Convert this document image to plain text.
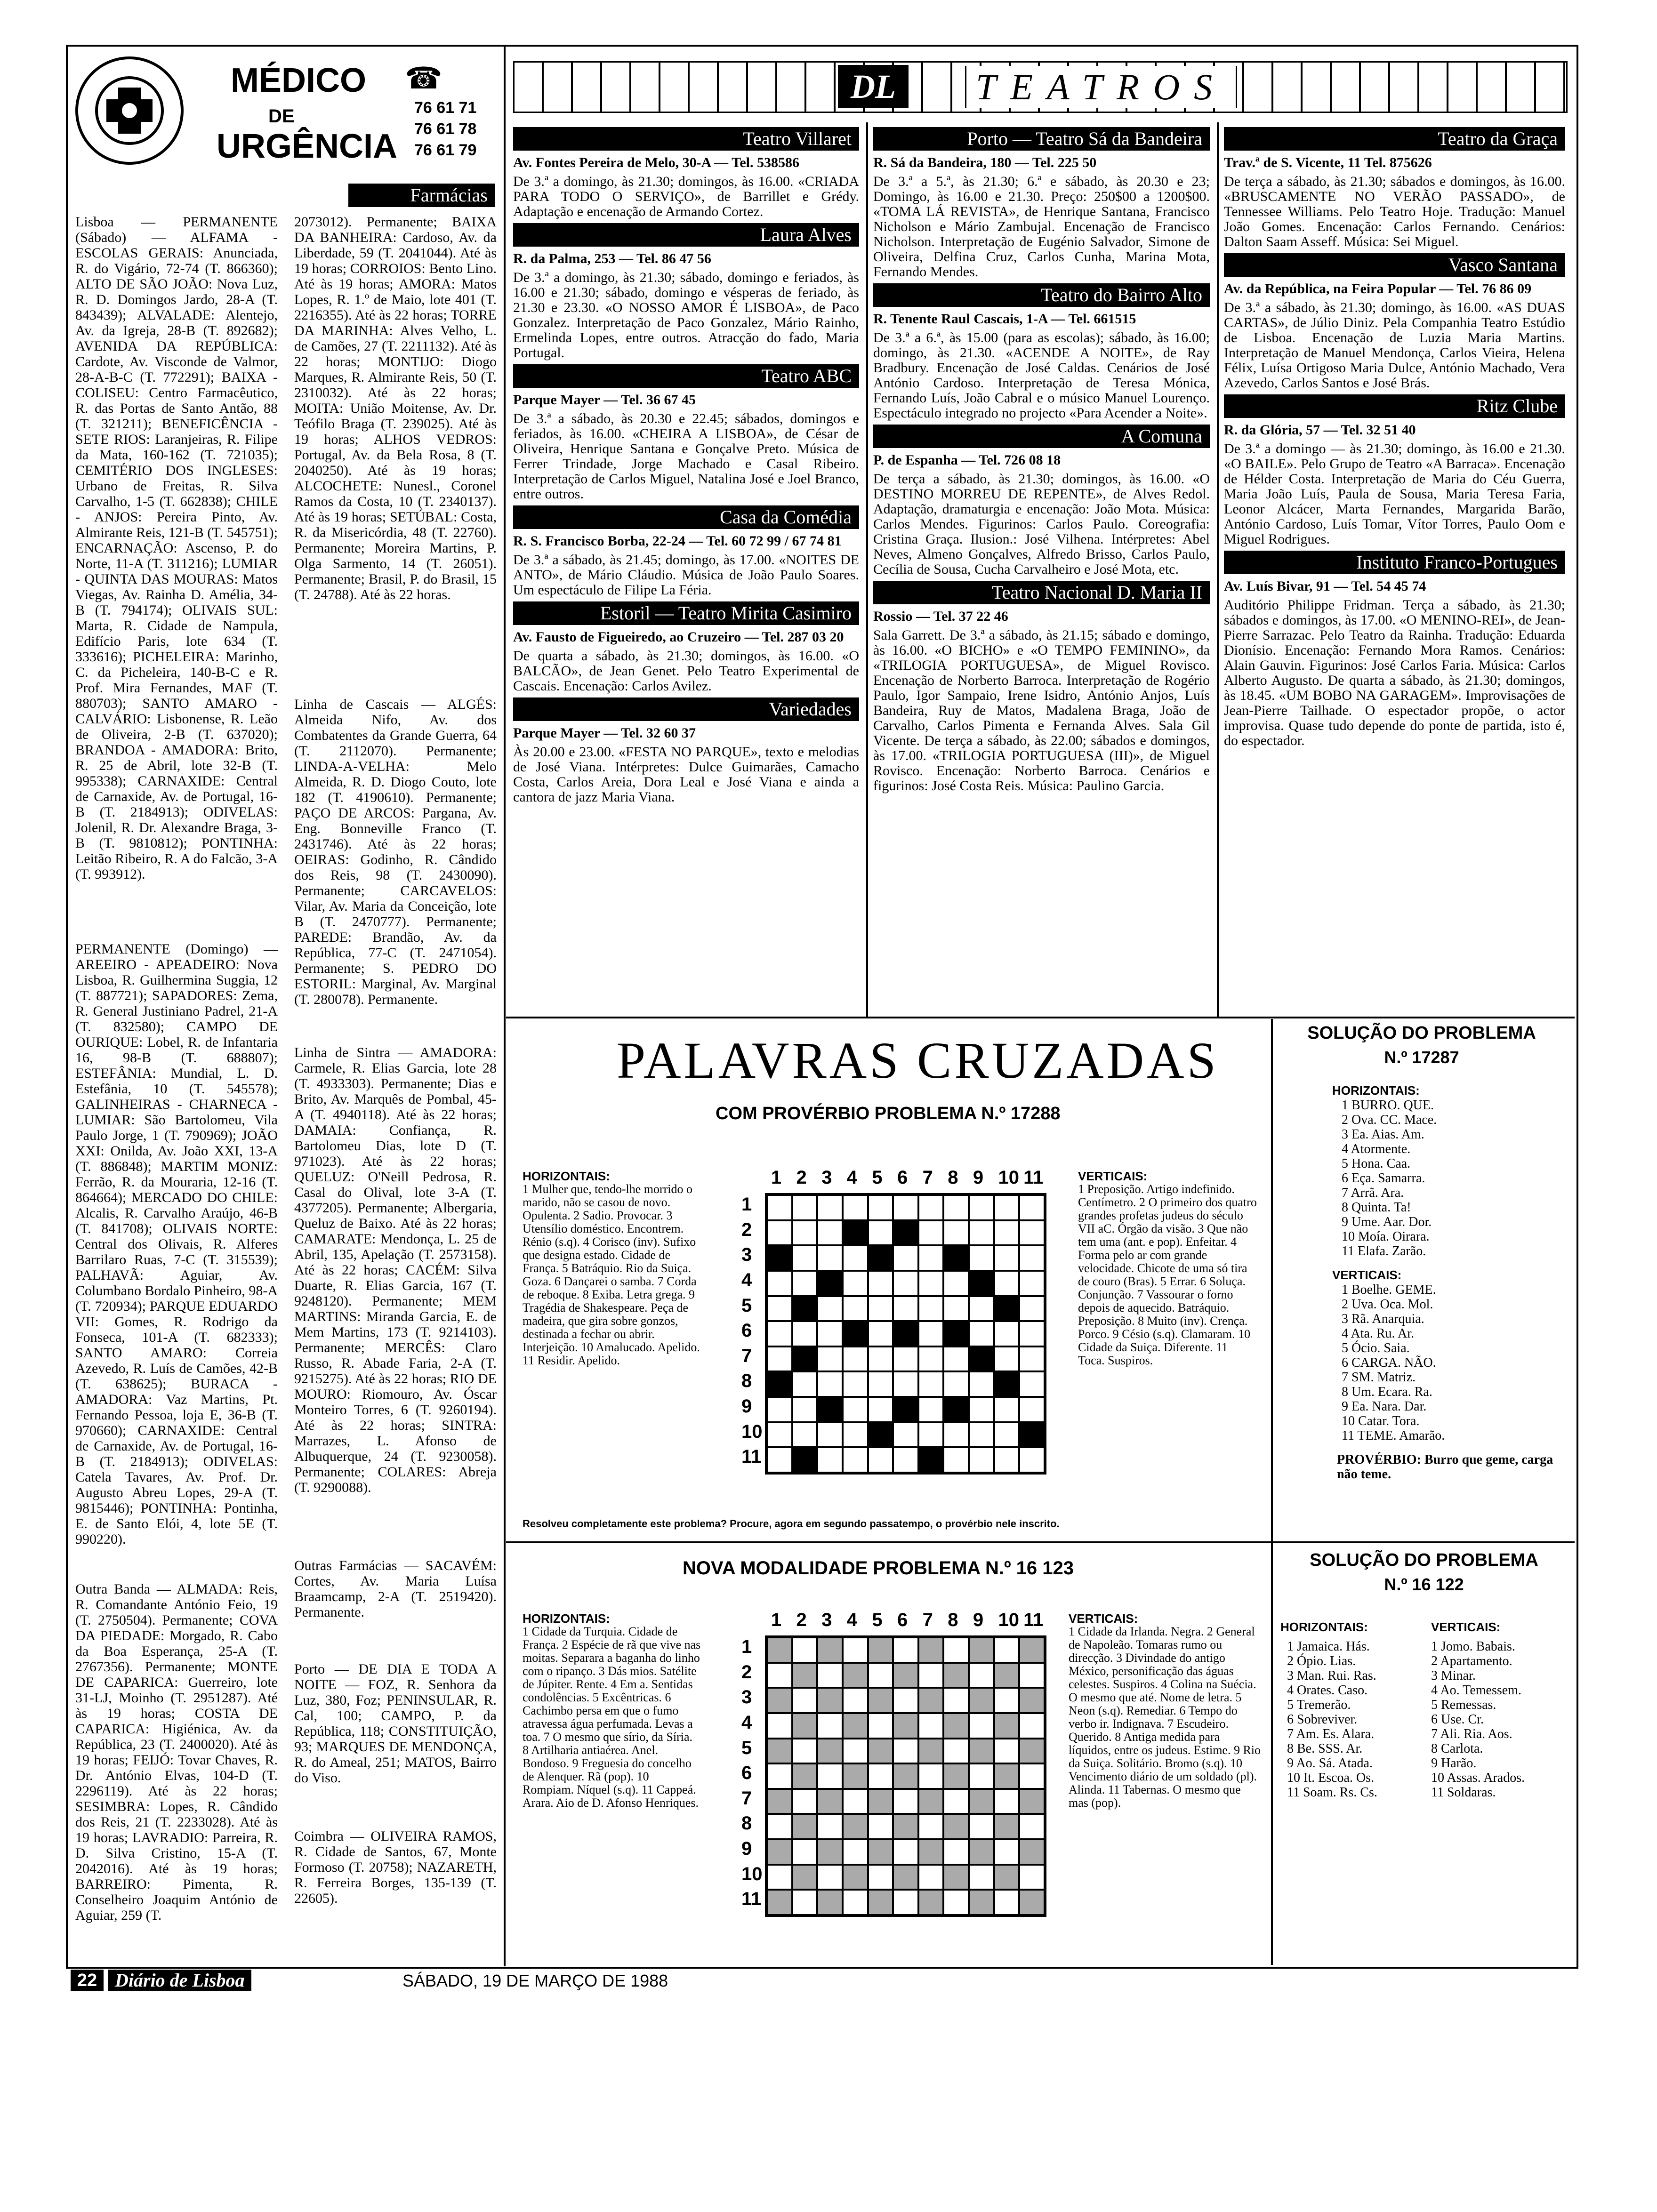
MÉDICO
DE
URGÊNCIA
☎
76 61 71
76 61 78
76 61 79
Farmácias
Lisboa — PERMANENTE (Sábado) — ALFAMA - ESCOLAS GERAIS: Anunciada, R. do Vigário, 72-74 (T. 866360); ALTO DE SÃO JOÃO: Nova Luz, R. D. Domingos Jardo, 28-A (T. 843439); ALVALADE: Alentejo, Av. da Igreja, 28-B (T. 892682); AVENIDA DA REPÚBLICA: Cardote, Av. Visconde de Valmor, 28-A-B-C (T. 772291); BAIXA - COLISEU: Centro Farmacêutico, R. das Portas de Santo Antão, 88 (T. 321211); BENEFICÊNCIA - SETE RIOS: Laranjeiras, R. Filipe da Mata, 160-162 (T. 721035); CEMITÉRIO DOS INGLESES: Urbano de Freitas, R. Silva Carvalho, 1-5 (T. 662838); CHILE - ANJOS: Pereira Pinto, Av. Almirante Reis, 121-B (T. 545751); ENCARNAÇÃO: Ascenso, P. do Norte, 11-A (T. 311216); LUMIAR - QUINTA DAS MOURAS: Matos Viegas, Av. Rainha D. Amélia, 34-B (T. 794174); OLIVAIS SUL: Marta, R. Cidade de Nampula, Edifício Paris, lote 634 (T. 333616); PICHELEIRA: Marinho, C. da Picheleira, 140-B-C e R. Prof. Mira Fernandes, MAF (T. 880703); SANTO AMARO - CALVÁRIO: Lisbonense, R. Leão de Oliveira, 2-B (T. 637020); BRANDOA - AMADORA: Brito, R. 25 de Abril, lote 32-B (T. 995338); CARNAXIDE: Central de Carnaxide, Av. de Portugal, 16-B (T. 2184913); ODIVELAS: Jolenil, R. Dr. Alexandre Braga, 3-B (T. 9810812); PONTINHA: Leitão Ribeiro, R. A do Falcão, 3-A (T. 993912).
PERMANENTE (Domingo) — AREEIRO - APEADEIRO: Nova Lisboa, R. Guilhermina Suggia, 12 (T. 887721); SAPADORES: Zema, R. General Justiniano Padrel, 21-A (T. 832580); CAMPO DE OURIQUE: Lobel, R. de Infantaria 16, 98-B (T. 688807); ESTEFÂNIA: Mundial, L. D. Estefânia, 10 (T. 545578); GALINHEIRAS - CHARNECA - LUMIAR: São Bartolomeu, Vila Paulo Jorge, 1 (T. 790969); JOÃO XXI: Onilda, Av. João XXI, 13-A (T. 886848); MARTIM MONIZ: Ferrão, R. da Mouraria, 12-16 (T. 864664); MERCADO DO CHILE: Alcalis, R. Carvalho Araújo, 46-B (T. 841708); OLIVAIS NORTE: Central dos Olivais, R. Alferes Barrilaro Ruas, 7-C (T. 315539); PALHAVÃ: Aguiar, Av. Columbano Bordalo Pinheiro, 98-A (T. 720934); PARQUE EDUARDO VII: Gomes, R. Rodrigo da Fonseca, 101-A (T. 682333); SANTO AMARO: Correia Azevedo, R. Luís de Camões, 42-B (T. 638625); BURACA - AMADORA: Vaz Martins, Pt. Fernando Pessoa, loja E, 36-B (T. 970660); CARNAXIDE: Central de Carnaxide, Av. de Portugal, 16-B (T. 2184913); ODIVELAS: Catela Tavares, Av. Prof. Dr. Augusto Abreu Lopes, 29-A (T. 9815446); PONTINHA: Pontinha, E. de Santo Elói, 4, lote 5E (T. 990220).
Outra Banda — ALMADA: Reis, R. Comandante António Feio, 19 (T. 2750504). Permanente; COVA DA PIEDADE: Morgado, R. Cabo da Boa Esperança, 25-A (T. 2767356). Permanente; MONTE DE CAPARICA: Guerreiro, lote 31-LJ, Moinho (T. 2951287). Até às 19 horas; COSTA DE CAPARICA: Higiénica, Av. da República, 23 (T. 2400020). Até às 19 horas; FEIJÓ: Tovar Chaves, R. Dr. António Elvas, 104-D (T. 2296119). Até às 22 horas; SESIMBRA: Lopes, R. Cândido dos Reis, 21 (T. 2233028). Até às 19 horas; LAVRADIO: Parreira, R. D. Silva Cristino, 15-A (T. 2042016). Até às 19 horas; BARREIRO: Pimenta, R. Conselheiro Joaquim António de Aguiar, 259 (T.
2073012). Permanente; BAIXA DA BANHEIRA: Cardoso, Av. da Liberdade, 59 (T. 2041044). Até às 19 horas; CORROIOS: Bento Lino. Até às 19 horas; AMORA: Matos Lopes, R. 1.º de Maio, lote 401 (T. 2216355). Até às 22 horas; TORRE DA MARINHA: Alves Velho, L. de Camões, 27 (T. 2211132). Até às 22 horas; MONTIJO: Diogo Marques, R. Almirante Reis, 50 (T. 2310032). Até às 22 horas; MOITA: União Moitense, Av. Dr. Teófilo Braga (T. 239025). Até às 19 horas; ALHOS VEDROS: Portugal, Av. da Bela Rosa, 8 (T. 2040250). Até às 19 horas; ALCOCHETE: Nunesl., Coronel Ramos da Costa, 10 (T. 2340137). Até às 19 horas; SETÚBAL: Costa, R. da Misericórdia, 48 (T. 22760). Permanente; Moreira Martins, P. Olga Sarmento, 14 (T. 26051). Permanente; Brasil, P. do Brasil, 15 (T. 24788). Até às 22 horas.
Linha de Cascais — ALGÉS: Almeida Nifo, Av. dos Combatentes da Grande Guerra, 64 (T. 2112070). Permanente; LINDA-A-VELHA: Melo Almeida, R. D. Diogo Couto, lote 182 (T. 4190610). Permanente; PAÇO DE ARCOS: Pargana, Av. Eng. Bonneville Franco (T. 2431746). Até às 22 horas; OEIRAS: Godinho, R. Cândido dos Reis, 98 (T. 2430090). Permanente; CARCAVELOS: Vilar, Av. Maria da Conceição, lote B (T. 2470777). Permanente; PAREDE: Brandão, Av. da República, 77-C (T. 2471054). Permanente; S. PEDRO DO ESTORIL: Marginal, Av. Marginal (T. 280078). Permanente.
Linha de Sintra — AMADORA: Carmele, R. Elias Garcia, lote 28 (T. 4933303). Permanente; Dias e Brito, Av. Marquês de Pombal, 45-A (T. 4940118). Até às 22 horas; DAMAIA: Confiança, R. Bartolomeu Dias, lote D (T. 971023). Até às 22 horas; QUELUZ: O'Neill Pedrosa, R. Casal do Olival, lote 3-A (T. 4377205). Permanente; Albergaria, Queluz de Baixo. Até às 22 horas; CAMARATE: Mendonça, L. 25 de Abril, 135, Apelação (T. 2573158). Até às 22 horas; CACÉM: Silva Duarte, R. Elias Garcia, 167 (T. 9248120). Permanente; MEM MARTINS: Miranda Garcia, E. de Mem Martins, 173 (T. 9214103). Permanente; MERCÊS: Claro Russo, R. Abade Faria, 2-A (T. 9215275). Até às 22 horas; RIO DE MOURO: Riomouro, Av. Óscar Monteiro Torres, 6 (T. 9260194). Até às 22 horas; SINTRA: Marrazes, L. Afonso de Albuquerque, 24 (T. 9230058). Permanente; COLARES: Abreja (T. 9290088).
Outras Farmácias — SACAVÉM: Cortes, Av. Maria Luísa Braamcamp, 2-A (T. 2519420). Permanente.
Porto — DE DIA E TODA A NOITE — FOZ, R. Senhora da Luz, 380, Foz; PENINSULAR, R. Cal, 100; CAMPO, P. da República, 118; CONSTITUIÇÃO, 93; MARQUES DE MENDONÇA, R. do Ameal, 251; MATOS, Bairro do Viso.
Coimbra — OLIVEIRA RAMOS, R. Cidade de Santos, 67, Monte Formoso (T. 20758); NAZARETH, R. Ferreira Borges, 135-139 (T. 22605).
DL	TEATROS
Teatro Villaret
Av. Fontes Pereira de Melo, 30-A — Tel. 538586
De 3.ª a domingo, às 21.30; domingos, às 16.00. «CRIADA PARA TODO O SERVIÇO», de Barrillet e Grédy. Adaptação e encenação de Armando Cortez.
Laura Alves
R. da Palma, 253 — Tel. 86 47 56
De 3.ª a domingo, às 21.30; sábado, domingo e feriados, às 16.00 e 21.30; sábado, domingo e vésperas de feriado, às 21.30 e 23.30. «O NOSSO AMOR É LISBOA», de Paco Gonzalez. Interpretação de Paco Gonzalez, Mário Rainho, Ermelinda Lopes, entre outros. Atracção do fado, Maria Portugal.
Teatro ABC
Parque Mayer — Tel. 36 67 45
De 3.ª a sábado, às 20.30 e 22.45; sábados, domingos e feriados, às 16.00. «CHEIRA A LISBOA», de César de Oliveira, Henrique Santana e Gonçalve Preto. Música de Ferrer Trindade, Jorge Machado e Casal Ribeiro. Interpretação de Carlos Miguel, Natalina José e Joel Branco, entre outros.
Casa da Comédia
R. S. Francisco Borba, 22-24 — Tel. 60 72 99 / 67 74 81
De 3.ª a sábado, às 21.45; domingo, às 17.00. «NOITES DE ANTO», de Mário Cláudio. Música de João Paulo Soares. Um espectáculo de Filipe La Féria.
Estoril — Teatro Mirita Casimiro
Av. Fausto de Figueiredo, ao Cruzeiro — Tel. 287 03 20
De quarta a sábado, às 21.30; domingos, às 16.00. «O BALCÃO», de Jean Genet. Pelo Teatro Experimental de Cascais. Encenação: Carlos Avilez.
Variedades
Parque Mayer — Tel. 32 60 37
Às 20.00 e 23.00. «FESTA NO PARQUE», texto e melodias de José Viana. Intérpretes: Dulce Guimarães, Camacho Costa, Carlos Areia, Dora Leal e José Viana e ainda a cantora de jazz Maria Viana.
Porto — Teatro Sá da Bandeira
R. Sá da Bandeira, 180 — Tel. 225 50
De 3.ª a 5.ª, às 21.30; 6.ª e sábado, às 20.30 e 23; Domingo, às 16.00 e 21.30. Preço: 250$00 a 1200$00. «TOMA LÁ REVISTA», de Henrique Santana, Francisco Nicholson e Mário Zambujal. Encenação de Francisco Nicholson. Interpretação de Eugénio Salvador, Simone de Oliveira, Delfina Cruz, Carlos Cunha, Marina Mota, Fernando Mendes.
Teatro do Bairro Alto
R. Tenente Raul Cascais, 1-A — Tel. 661515
De 3.ª a 6.ª, às 15.00 (para as escolas); sábado, às 16.00; domingo, às 21.30. «ACENDE A NOITE», de Ray Bradbury. Encenação de José Caldas. Cenários de José António Cardoso. Interpretação de Teresa Mónica, Fernando Luís, João Cabral e o músico Manuel Lourenço. Espectáculo integrado no projecto «Para Acender a Noite».
A Comuna
P. de Espanha — Tel. 726 08 18
De terça a sábado, às 21.30; domingos, às 16.00. «O DESTINO MORREU DE REPENTE», de Alves Redol. Adaptação, dramaturgia e encenação: João Mota. Música: Carlos Mendes. Figurinos: Carlos Paulo. Coreografia: Cristina Graça. Ilusion.: José Vilhena. Intérpretes: Abel Neves, Almeno Gonçalves, Alfredo Brisso, Carlos Paulo, Cecília de Sousa, Cucha Carvalheiro e José Mota, etc.
Teatro Nacional D. Maria II
Rossio — Tel. 37 22 46
Sala Garrett. De 3.ª a sábado, às 21.15; sábado e domingo, às 16.00. «O BICHO» e «O TEMPO FEMININO», da «TRILOGIA PORTUGUESA», de Miguel Rovisco. Encenação de Norberto Barroca. Interpretação de Rogério Paulo, Igor Sampaio, Irene Isidro, António Anjos, Luís Bandeira, Ruy de Matos, Madalena Braga, João de Carvalho, Carlos Pimenta e Fernanda Alves. Sala Gil Vicente. De terça a sábado, às 22.00; sábados e domingos, às 17.00. «TRILOGIA PORTUGUESA (III)», de Miguel Rovisco. Encenação: Norberto Barroca. Cenários e figurinos: José Costa Reis. Música: Paulino Garcia.
Teatro da Graça
Trav.ª de S. Vicente, 11 Tel. 875626
De terça a sábado, às 21.30; sábados e domingos, às 16.00. «BRUSCAMENTE NO VERÃO PASSADO», de Tennessee Williams. Pelo Teatro Hoje. Tradução: Manuel João Gomes. Encenação: Carlos Fernando. Cenários: Dalton Saam Asseff. Música: Sei Miguel.
Vasco Santana
Av. da República, na Feira Popular — Tel. 76 86 09
De 3.ª a sábado, às 21.30; domingo, às 16.00. «AS DUAS CARTAS», de Júlio Diniz. Pela Companhia Teatro Estúdio de Lisboa. Encenação de Luzia Maria Martins. Interpretação de Manuel Mendonça, Carlos Vieira, Helena Félix, Luísa Ortigoso Maria Dulce, António Machado, Vera Azevedo, Carlos Santos e José Brás.
Ritz Clube
R. da Glória, 57 — Tel. 32 51 40
De 3.ª a domingo — às 21.30; domingo, às 16.00 e 21.30. «O BAILE». Pelo Grupo de Teatro «A Barraca». Encenação de Hélder Costa. Interpretação de Maria do Céu Guerra, Maria João Luís, Paula de Sousa, Maria Teresa Faria, Leonor Alcácer, Marta Fernandes, Margarida Barão, António Cardoso, Luís Tomar, Vítor Torres, Paulo Oom e Miguel Rodrigues.
Instituto Franco-Portugues
Av. Luís Bivar, 91 — Tel. 54 45 74
Auditório Philippe Fridman. Terça a sábado, às 21.30; sábados e domingos, às 17.00. «O MENINO-REI», de Jean-Pierre Sarrazac. Pelo Teatro da Rainha. Tradução: Eduarda Dionísio. Encenação: Fernando Mora Ramos. Cenários: Alain Gauvin. Figurinos: José Carlos Faria. Música: Carlos Alberto Augusto. De quarta a sábado, às 21.30; domingos, às 18.45. «UM BOBO NA GARAGEM». Improvisações de Jean-Pierre Tailhade. O espectador propõe, o actor improvisa. Quase tudo depende do ponte de partida, isto é, do espectador.
PALAVRAS CRUZADAS
COM PROVÉRBIO PROBLEMA N.º 17288
HORIZONTAIS:
1 Mulher que, tendo-lhe morrido o marido, não se casou de novo. Opulenta. 2 Sadio. Provocar. 3 Utensílio doméstico. Encontrem. Rénio (s.q). 4 Corisco (inv). Sufixo que designa estado. Cidade de França. 5 Batráquio. Rio da Suiça. Goza. 6 Dançarei o samba. 7 Corda de reboque. 8 Exiba. Letra grega. 9 Tragédia de Shakespeare. Peça de madeira, que gira sobre gonzos, destinada a fechar ou abrir. Interjeição. 10 Amalucado. Apelido. 11 Residir. Apelido.
1 2 3 4 5 6 7 8 9 10 11
1
2
3
4
5
6
7
8
9
10
11
VERTICAIS:
1 Preposição. Artigo indefinido. Centímetro. 2 O primeiro dos quatro grandes profetas judeus do século VII aC. Órgão da visão. 3 Que não tem uma (ant. e pop). Enfeitar. 4 Forma pelo ar com grande velocidade. Chicote de uma só tira de couro (Bras). 5 Errar. 6 Soluça. Conjunção. 7 Vassourar o forno depois de aquecido. Batráquio. Preposição. 8 Muito (inv). Crença. Porco. 9 Césio (s.q). Clamaram. 10 Cidade da Suiça. Diferente. 11 Toca. Suspiros.
Resolveu completamente este problema? Procure, agora em segundo passatempo, o provérbio nele inscrito.
SOLUÇÃO DO PROBLEMA
N.º 17287
HORIZONTAIS:
1 BURRO. QUE.
2 Ova. CC. Mace.
3 Ea. Aias. Am.
4 Atormente.
5 Hona. Caa.
6 Eça. Samarra.
7 Arrã. Ara.
8 Quinta. Ta!
9 Ume. Aar. Dor.
10 Moía. Oirara.
11 Elafa. Zarão.
VERTICAIS:
1 Boelhe. GEME.
2 Uva. Oca. Mol.
3 Rã. Anarquia.
4 Ata. Ru. Ar.
5 Ócio. Saia.
6 CARGA. NÃO.
7 SM. Matriz.
8 Um. Ecara. Ra.
9 Ea. Nara. Dar.
10 Catar. Tora.
11 TEME. Amarão.
PROVÉRBIO: Burro que geme, carga não teme.
NOVA MODALIDADE PROBLEMA N.º 16 123
HORIZONTAIS:
1 Cidade da Turquia. Cidade de França. 2 Espécie de rã que vive nas moitas. Separara a baganha do linho com o ripanço. 3 Dás mios. Satélite de Júpiter. Rente. 4 Em a. Sentidas condolências. 5 Excêntricas. 6 Cachimbo persa em que o fumo atravessa água perfumada. Levas a toa. 7 O mesmo que sírio, da Síria. 8 Artilharia antiaérea. Anel. Bondoso. 9 Freguesia do concelho de Alenquer. Rã (pop). 10 Rompiam. Níquel (s.q). 11 Cappeá. Arara. Aio de D. Afonso Henriques.
1 2 3 4 5 6 7 8 9 10 11
1
2
3
4
5
6
7
8
9
10
11
VERTICAIS:
1 Cidade da Irlanda. Negra. 2 General de Napoleão. Tomaras rumo ou direcção. 3 Divindade do antigo México, personificação das águas celestes. Suspiros. 4 Colina na Suécia. O mesmo que até. Nome de letra. 5 Neon (s.q). Remediar. 6 Tempo do verbo ir. Indignava. 7 Escudeiro. Querido. 8 Antiga medida para líquidos, entre os judeus. Estime. 9 Rio da Suiça. Solitário. Bromo (s.q). 10 Vencimento diário de um soldado (pl). Alinda. 11 Tabernas. O mesmo que mas (pop).
SOLUÇÃO DO PROBLEMA
N.º 16 122
HORIZONTAIS:
1 Jamaica. Hás.
2 Ópio. Lias.
3 Man. Rui. Ras.
4 Orates. Caso.
5 Tremerão.
6 Sobreviver.
7 Am. Es. Alara.
8 Be. SSS. Ar.
9 Ao. Sá. Atada.
10 It. Escoa. Os.
11 Soam. Rs. Cs.
VERTICAIS:
1 Jomo. Babais.
2 Apartamento.
3 Minar.
4 Ao. Temessem.
5 Remessas.
6 Use. Cr.
7 Ali. Ria. Aos.
8 Carlota.
9 Harão.
10 Assas. Arados.
11 Soldaras.
22 Diário de Lisboa	SÁBADO, 19 DE MARÇO DE 1988
